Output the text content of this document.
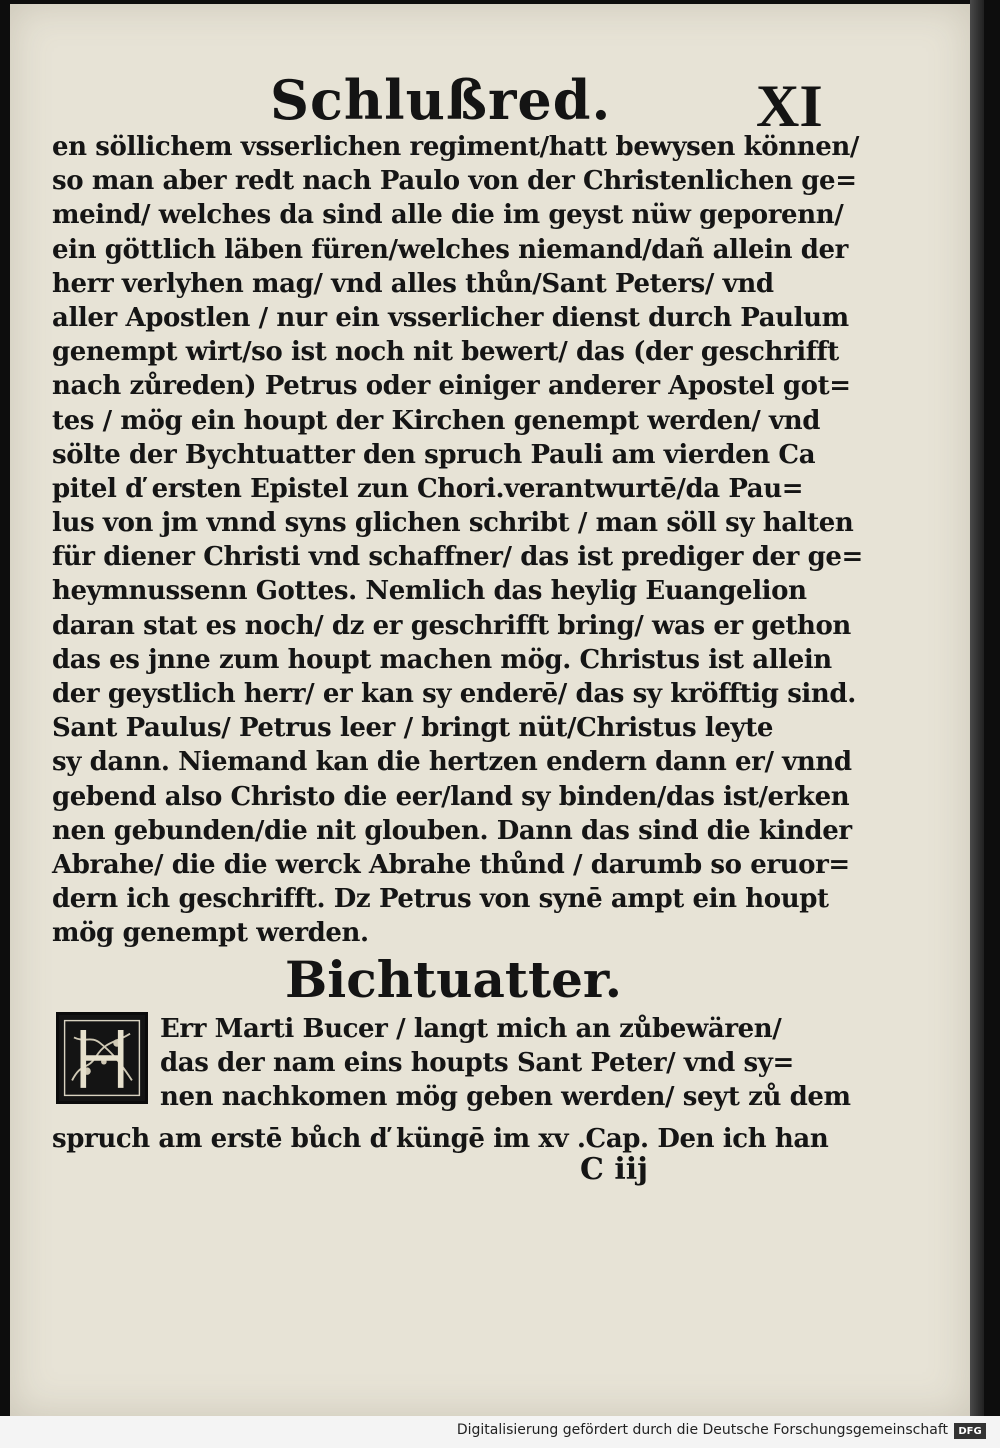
Schlußred. XI
en söllichem vsserlichen regiment/hatt bewysen können/
so man aber redt nach Paulo von der Christenlichen ge=
meind/ welches da sind alle die im geyst nüw geporenn/
ein göttlich läben füren/welches niemand/dañ allein der
herr verlyhen mag/ vnd alles thůn/Sant Peters/ vnd
aller Apostlen / nur ein vsserlicher dienst durch Paulum
genempt wirt/so ist noch nit bewert/ das (der geschrifft
nach zůreden) Petrus oder einiger anderer Apostel got=
tes / mög ein houpt der Kirchen genempt werden/ vnd
sölte der Bychtuatter den spruch Pauli am vierden Ca
pitel ď ersten Epistel zun Chori.verantwurtē/da Pau=
lus von jm vnnd syns glichen schribt / man söll sy halten
für diener Christi vnd schaffner/ das ist prediger der ge=
heymnussenn Gottes. Nemlich das heylig Euangelion
daran stat es noch/ dz er geschrifft bring/ was er gethon
das es jnne zum houpt machen mög. Christus ist allein
der geystlich herr/ er kan sy enderē/ das sy kröfftig sind.
Sant Paulus/ Petrus leer / bringt nüt/Christus leyte
sy dann. Niemand kan die hertzen endern dann er/ vnnd
gebend also Christo die eer/land sy binden/das ist/erken
nen gebunden/die nit glouben. Dann das sind die kinder
Abrahe/ die die werck Abrahe thůnd / darumb so eruor=
dern ich geschrifft. Dz Petrus von synē ampt ein houpt
mög genempt werden.
Bichtuatter.
Err Marti Bucer / langt mich an zůbewären/
das der nam eins houpts Sant Peter/ vnd sy=
nen nachkomen mög geben werden/ seyt zů dem
spruch am erstē bůch ď küngē im xv .Cap. Den ich han
C iij
Digitalisierung gefördert durch die Deutsche Forschungsgemeinschaft	DFG
